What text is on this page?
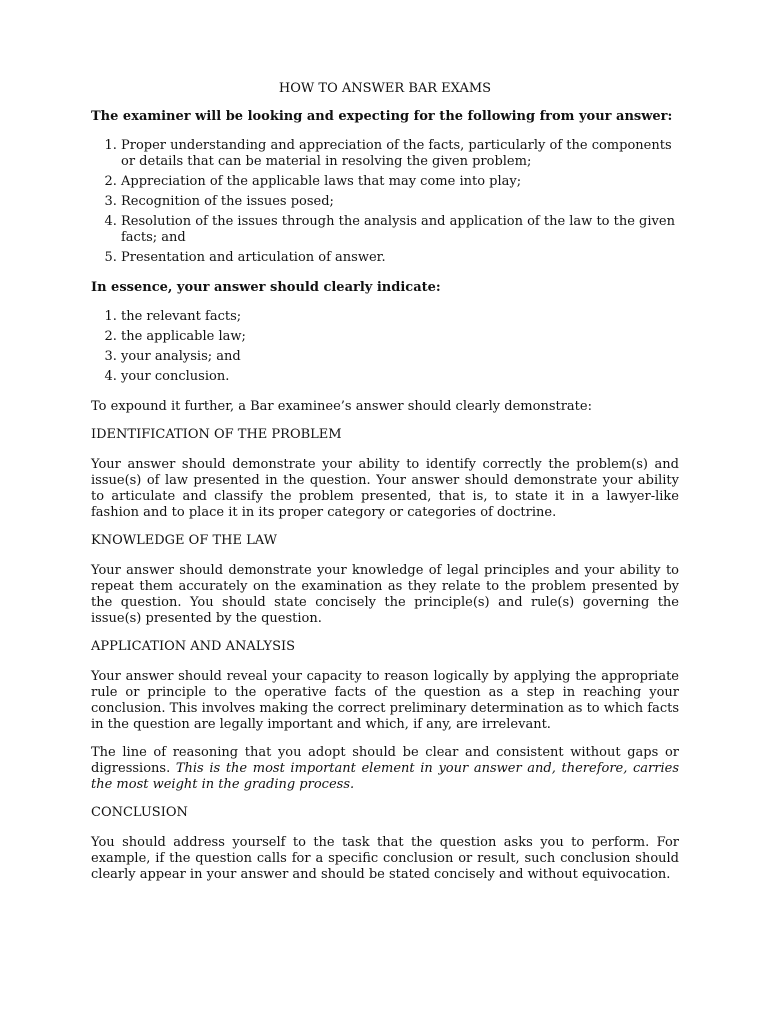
HOW TO ANSWER BAR EXAMS

The examiner will be looking and expecting for the following from your answer:

1. Proper understanding and appreciation of the facts, particularly of the components or details that can be material in resolving the given problem;
2. Appreciation of the applicable laws that may come into play;
3. Recognition of the issues posed;
4. Resolution of the issues through the analysis and application of the law to the given facts; and
5. Presentation and articulation of answer.

In essence, your answer should clearly indicate:

1. the relevant facts;
2. the applicable law;
3. your analysis; and
4. your conclusion.

To expound it further, a Bar examinee’s answer should clearly demonstrate:

IDENTIFICATION OF THE PROBLEM

Your answer should demonstrate your ability to identify correctly the problem(s) and issue(s) of law presented in the question. Your answer should demonstrate your ability to articulate and classify the problem presented, that is, to state it in a lawyer-like fashion and to place it in its proper category or categories of doctrine.

KNOWLEDGE OF THE LAW

Your answer should demonstrate your knowledge of legal principles and your ability to repeat them accurately on the examination as they relate to the problem presented by the question. You should state concisely the principle(s) and rule(s) governing the issue(s) presented by the question.

APPLICATION AND ANALYSIS

Your answer should reveal your capacity to reason logically by applying the appropriate rule or principle to the operative facts of the question as a step in reaching your conclusion. This involves making the correct preliminary determination as to which facts in the question are legally important and which, if any, are irrelevant.

The line of reasoning that you adopt should be clear and consistent without gaps or digressions. This is the most important element in your answer and, therefore, carries the most weight in the grading process.

CONCLUSION

You should address yourself to the task that the question asks you to perform. For example, if the question calls for a specific conclusion or result, such conclusion should clearly appear in your answer and should be stated concisely and without equivocation.
